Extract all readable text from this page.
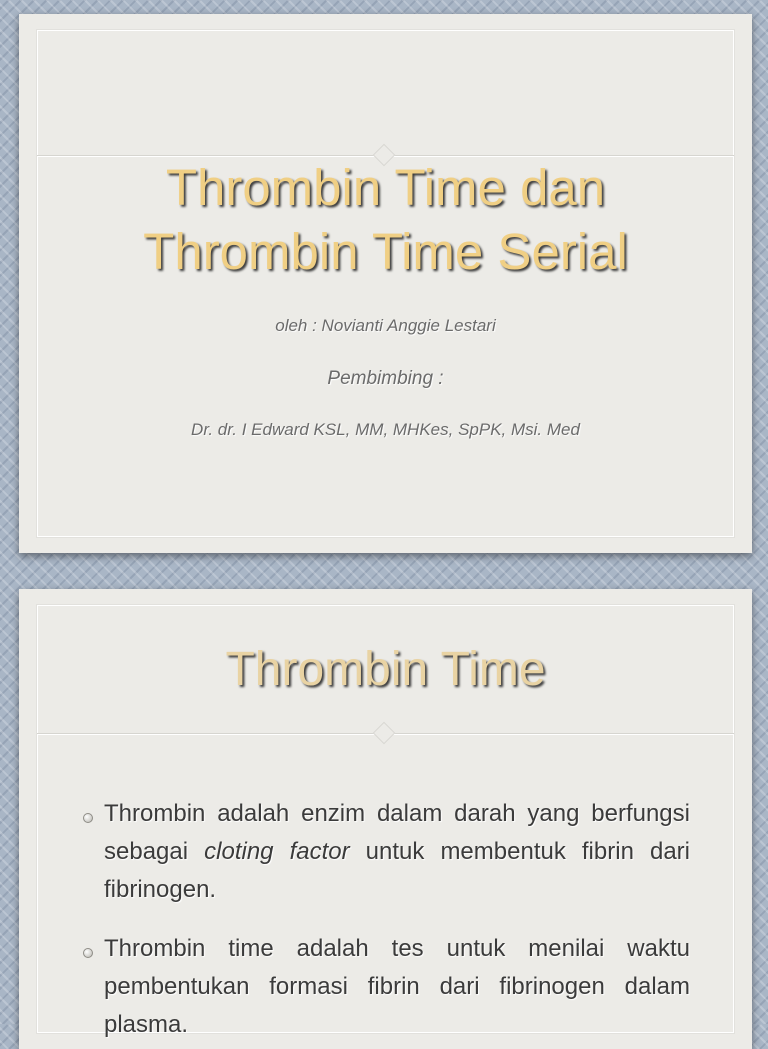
Thrombin Time dan
Thrombin Time Serial
oleh : Novianti Anggie Lestari
Pembimbing :
Dr. dr. I Edward KSL, MM, MHKes, SpPK, Msi. Med
Thrombin Time
Thrombin adalah enzim dalam darah yang berfungsi sebagai cloting factor untuk membentuk fibrin dari fibrinogen.
Thrombin time adalah tes untuk menilai waktu pembentukan formasi fibrin dari fibrinogen dalam plasma.
